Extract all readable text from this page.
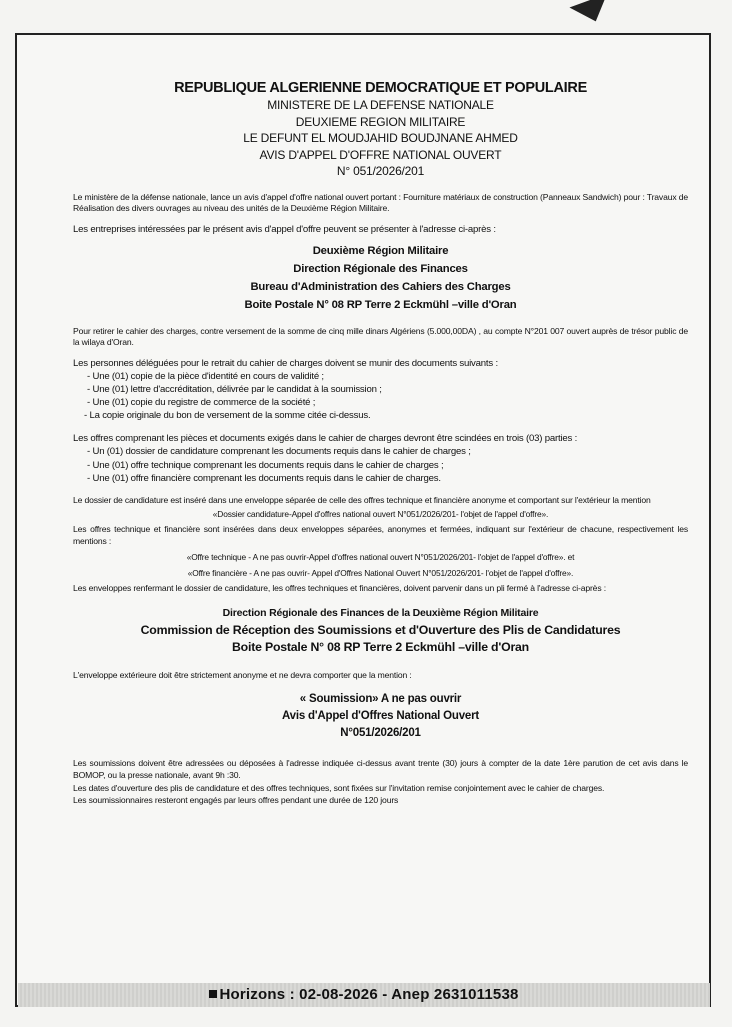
REPUBLIQUE ALGERIENNE DEMOCRATIQUE ET POPULAIRE
MINISTERE DE LA DEFENSE NATIONALE
DEUXIEME REGION MILITAIRE
LE DEFUNT EL MOUDJAHID BOUDJNANE AHMED
AVIS D'APPEL D'OFFRE NATIONAL OUVERT
N° 051/2026/201
Le ministère de la défense nationale, lance un avis d'appel d'offre national ouvert portant : Fourniture matériaux de construction (Panneaux Sandwich) pour : Travaux de Réalisation des divers ouvrages au niveau des unités de la Deuxième Région Militaire.
Les entreprises intéressées par le présent avis d'appel d'offre peuvent se présenter à l'adresse ci-après :
Deuxième Région Militaire
Direction Régionale des Finances
Bureau d'Administration des Cahiers des Charges
Boite Postale N° 08 RP Terre 2 Eckmühl –ville d'Oran
Pour retirer le cahier des charges, contre versement de la somme de cinq mille dinars Algériens (5.000,00DA) , au compte N°201 007 ouvert auprès de trésor public de la wilaya d'Oran.
Les personnes déléguées pour le retrait du cahier de charges doivent se munir des documents suivants :
- Une (01) copie de la pièce d'identité en cours de validité ;
- Une (01) lettre d'accréditation, délivrée par le candidat à la soumission ;
- Une (01) copie du registre de commerce de la société ;
- La copie originale du bon de versement de la somme citée ci-dessus.
Les offres comprenant les pièces et documents exigés dans le cahier de charges devront être scindées en trois (03) parties :
- Un (01) dossier de candidature comprenant les documents requis dans le cahier de charges ;
- Une (01) offre technique comprenant les documents requis dans le cahier de charges ;
- Une (01) offre financière comprenant les documents requis dans le cahier de charges.
Le dossier de candidature est inséré dans une enveloppe séparée de celle des offres technique et financière anonyme et comportant sur l'extérieur la mention
«Dossier candidature-Appel d'offres national ouvert N°051/2026/201- l'objet de l'appel d'offre».
Les offres technique et financière sont insérées dans deux enveloppes séparées, anonymes et fermées, indiquant sur l'extérieur de chacune, respectivement les mentions :
«Offre technique - A ne pas ouvrir-Appel d'offres national ouvert N°051/2026/201- l'objet de l'appel d'offre». et
«Offre financière - A ne pas ouvrir- Appel d'Offres National Ouvert N°051/2026/201- l'objet de l'appel d'offre».
Les enveloppes renfermant le dossier de candidature, les offres techniques et financières, doivent parvenir dans un pli fermé à l'adresse ci-après :
Direction Régionale des Finances de la Deuxième Région Militaire
Commission de Réception des Soumissions et d'Ouverture des Plis de Candidatures
Boite Postale N° 08 RP Terre 2 Eckmühl –ville d'Oran
L'enveloppe extérieure doit être strictement anonyme et ne devra comporter que la mention :
« Soumission» A ne pas ouvrir
Avis d'Appel d'Offres National Ouvert
N°051/2026/201
Les soumissions doivent être adressées ou déposées à l'adresse indiquée ci-dessus avant trente (30) jours à compter de la date 1ère parution de cet avis dans le BOMOP, ou la presse nationale, avant 9h :30.
Les dates d'ouverture des plis de candidature et des offres techniques, sont fixées sur l'invitation remise conjointement avec le cahier de charges.
Les soumissionnaires resteront engagés par leurs offres pendant une durée de 120 jours
Horizons : 02-08-2026 - Anep 2631011538
